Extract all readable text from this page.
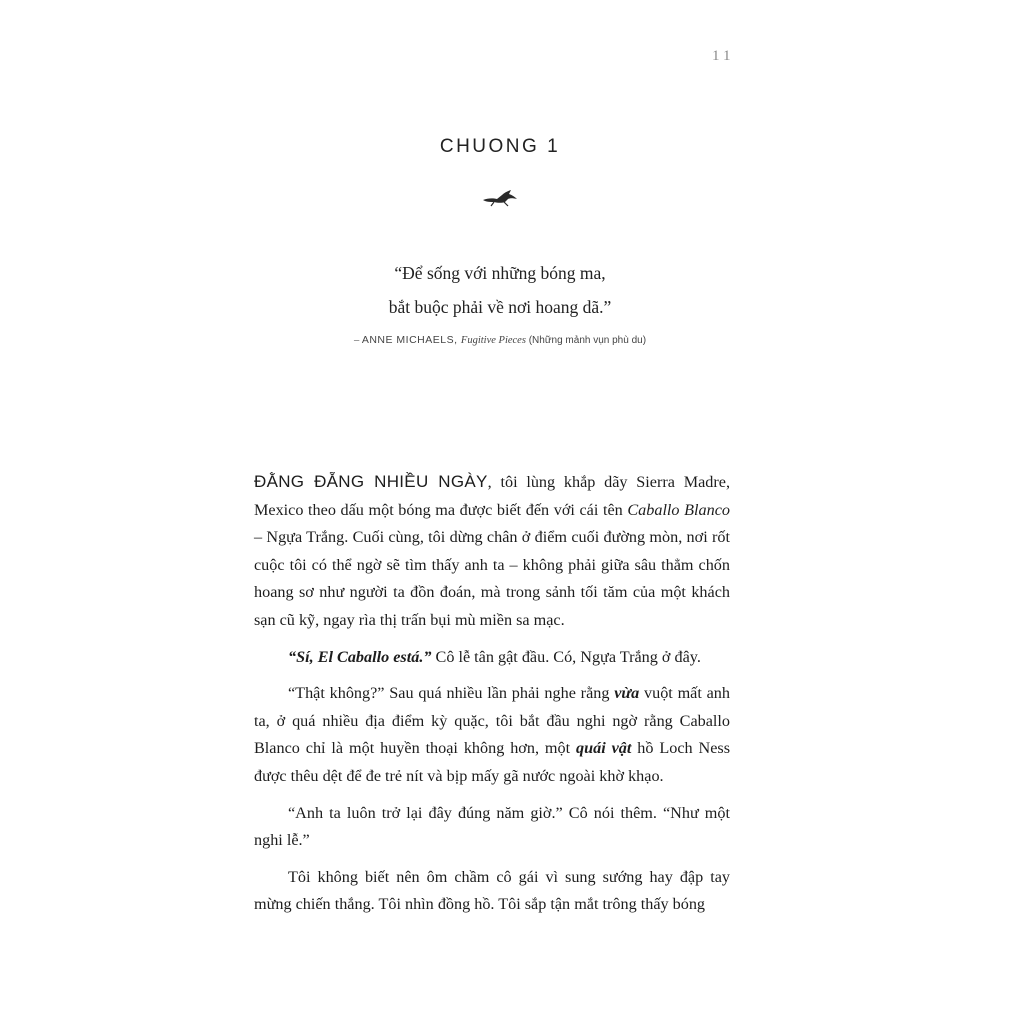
11
CHUONG 1
“Để sống với những bóng ma,
bắt buộc phải về nơi hoang dã.”
– ANNE MICHAELS, Fugitive Pieces (Những mảnh vụn phù du)

ĐẰNG ĐẴNG NHIỀU NGÀY, tôi lùng khắp dãy Sierra Madre, Mexico theo dấu một bóng ma được biết đến với cái tên Caballo Blanco – Ngựa Trắng. Cuối cùng, tôi dừng chân ở điểm cuối đường mòn, nơi rốt cuộc tôi có thể ngờ sẽ tìm thấy anh ta – không phải giữa sâu thẳm chốn hoang sơ như người ta đồn đoán, mà trong sảnh tối tăm của một khách sạn cũ kỹ, ngay rìa thị trấn bụi mù miền sa mạc.

“Sí, El Caballo está.” Cô lễ tân gật đầu. Có, Ngựa Trắng ở đây.

“Thật không?” Sau quá nhiều lần phải nghe rằng vừa vuột mất anh ta, ở quá nhiều địa điểm kỳ quặc, tôi bắt đầu nghi ngờ rằng Caballo Blanco chỉ là một huyền thoại không hơn, một quái vật hồ Loch Ness được thêu dệt để đe trẻ nít và bịp mấy gã nước ngoài khờ khạo.

“Anh ta luôn trở lại đây đúng năm giờ.” Cô nói thêm. “Như một nghi lễ.”

Tôi không biết nên ôm chầm cô gái vì sung sướng hay đập tay mừng chiến thắng. Tôi nhìn đồng hồ. Tôi sắp tận mắt trông thấy bóng
